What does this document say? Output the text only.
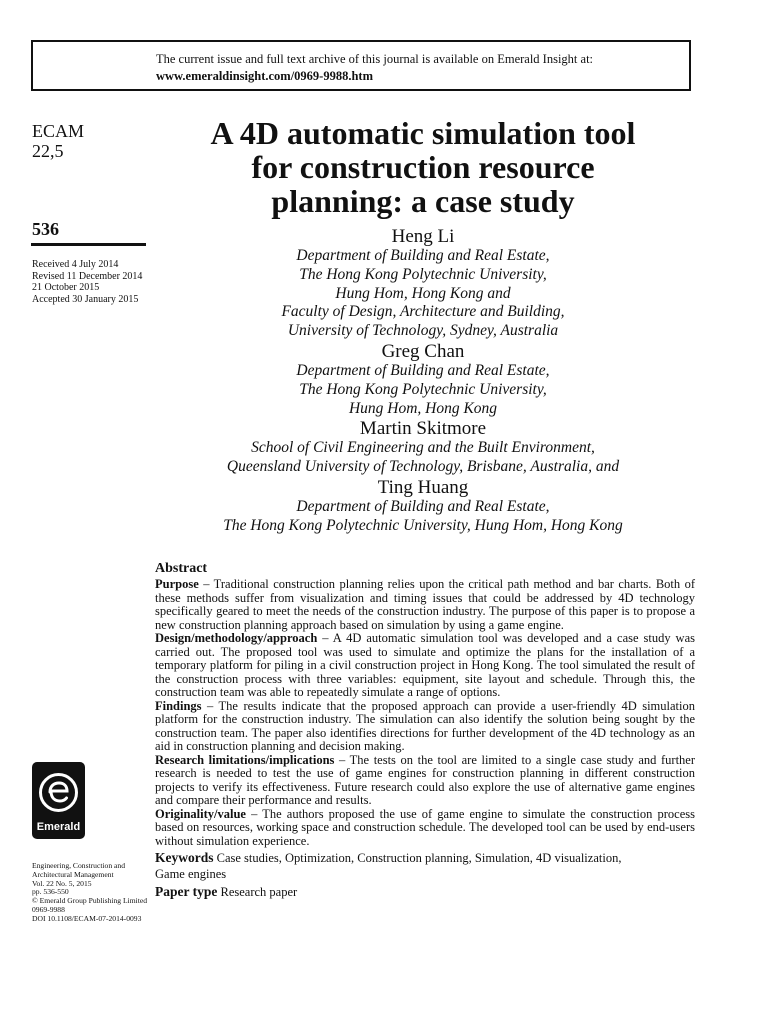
The current issue and full text archive of this journal is available on Emerald Insight at:
www.emeraldinsight.com/0969-9988.htm
ECAM
22,5
536
Received 4 July 2014
Revised 11 December 2014
21 October 2015
Accepted 30 January 2015
A 4D automatic simulation tool
for construction resource
planning: a case study
Heng Li
Department of Building and Real Estate,
The Hong Kong Polytechnic University,
Hung Hom, Hong Kong and
Faculty of Design, Architecture and Building,
University of Technology, Sydney, Australia
Greg Chan
Department of Building and Real Estate,
The Hong Kong Polytechnic University,
Hung Hom, Hong Kong
Martin Skitmore
School of Civil Engineering and the Built Environment,
Queensland University of Technology, Brisbane, Australia, and
Ting Huang
Department of Building and Real Estate,
The Hong Kong Polytechnic University, Hung Hom, Hong Kong
Abstract
Purpose – Traditional construction planning relies upon the critical path method and bar charts. Both of these methods suffer from visualization and timing issues that could be addressed by 4D technology specifically geared to meet the needs of the construction industry. The purpose of this paper is to propose a new construction planning approach based on simulation by using a game engine.
Design/methodology/approach – A 4D automatic simulation tool was developed and a case study was carried out. The proposed tool was used to simulate and optimize the plans for the installation of a temporary platform for piling in a civil construction project in Hong Kong. The tool simulated the result of the construction process with three variables: equipment, site layout and schedule. Through this, the construction team was able to repeatedly simulate a range of options.
Findings – The results indicate that the proposed approach can provide a user-friendly 4D simulation platform for the construction industry. The simulation can also identify the solution being sought by the construction team. The paper also identifies directions for further development of the 4D technology as an aid in construction planning and decision making.
Research limitations/implications – The tests on the tool are limited to a single case study and further research is needed to test the use of game engines for construction planning in different construction projects to verify its effectiveness. Future research could also explore the use of alternative game engines and compare their performance and results.
Originality/value – The authors proposed the use of game engine to simulate the construction process based on resources, working space and construction schedule. The developed tool can be used by end-users without simulation experience.
Keywords Case studies, Optimization, Construction planning, Simulation, 4D visualization,
Game engines
Paper type Research paper
Emerald
Engineering, Construction and
Architectural Management
Vol. 22 No. 5, 2015
pp. 536-550
© Emerald Group Publishing Limited
0969-9988
DOI 10.1108/ECAM-07-2014-0093
